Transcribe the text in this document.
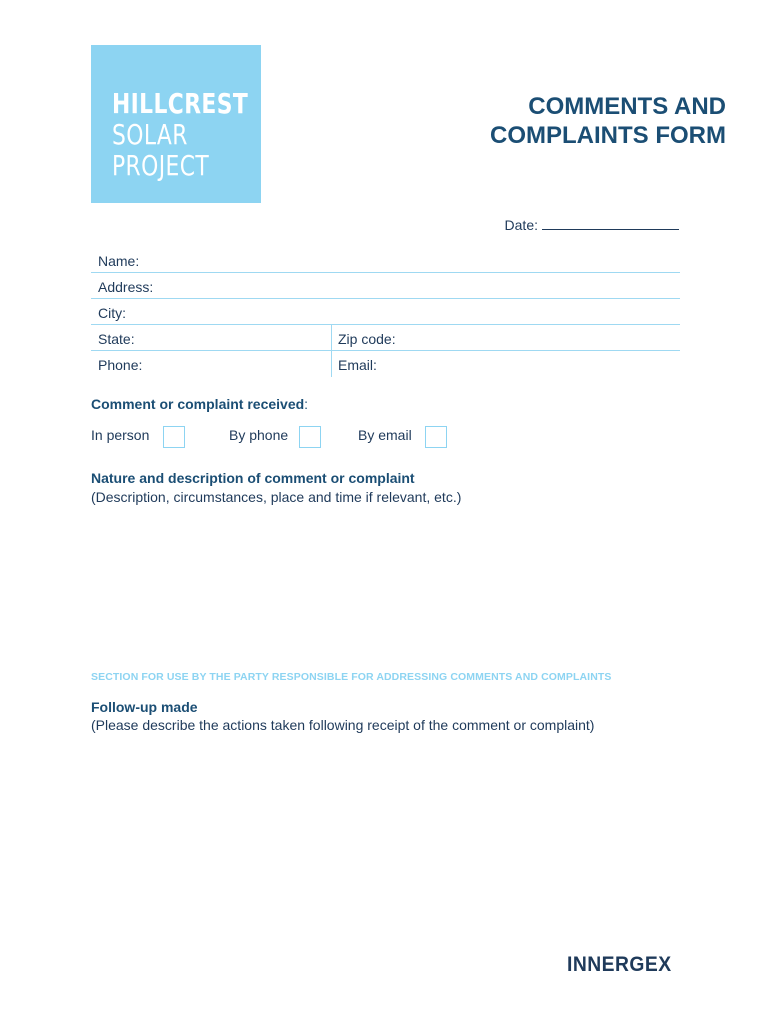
HILLCREST
SOLAR
PROJECT
COMMENTS AND
COMPLAINTS FORM
Date:
Name:
Address:
City:
State:	Zip code:
Phone:	Email:
Comment or complaint received:
In person	By phone	By email
Nature and description of comment or complaint
(Description, circumstances, place and time if relevant, etc.)
SECTION FOR USE BY THE PARTY RESPONSIBLE FOR ADDRESSING COMMENTS AND COMPLAINTS
Follow-up made
(Please describe the actions taken following receipt of the comment or complaint)
INNERGEX
